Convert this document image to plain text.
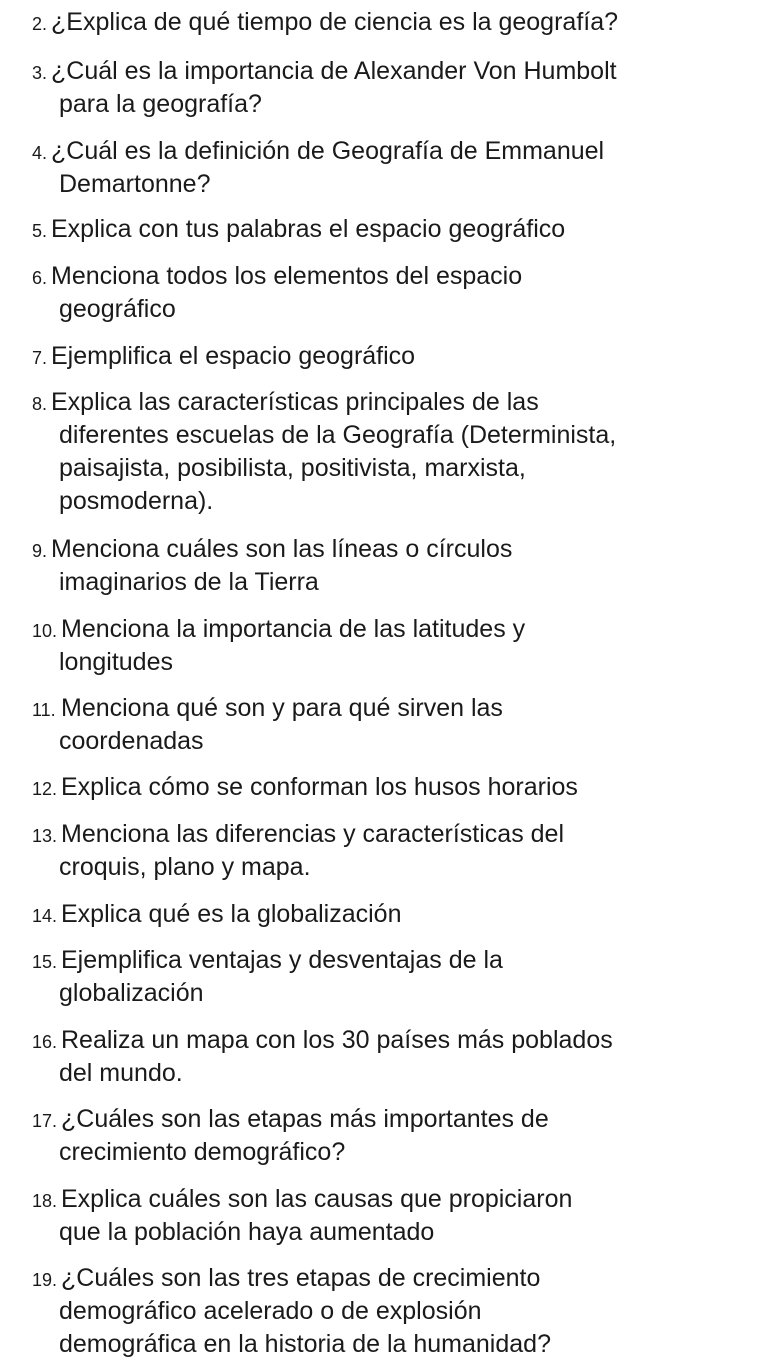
2. ¿Explica de qué tiempo de ciencia es la geografía?
3. ¿Cuál es la importancia de Alexander Von Humbolt
para la geografía?
4. ¿Cuál es la definición de Geografía de Emmanuel
Demartonne?
5. Explica con tus palabras el espacio geográfico
6. Menciona todos los elementos del espacio
geográfico
7. Ejemplifica el espacio geográfico
8. Explica las características principales de las
diferentes escuelas de la Geografía (Determinista,
paisajista, posibilista, positivista, marxista,
posmoderna).
9. Menciona cuáles son las líneas o círculos
imaginarios de la Tierra
10. Menciona la importancia de las latitudes y
longitudes
11. Menciona qué son y para qué sirven las
coordenadas
12. Explica cómo se conforman los husos horarios
13. Menciona las diferencias y características del
croquis, plano y mapa.
14. Explica qué es la globalización
15. Ejemplifica ventajas y desventajas de la
globalización
16. Realiza un mapa con los 30 países más poblados
del mundo.
17. ¿Cuáles son las etapas más importantes de
crecimiento demográfico?
18. Explica cuáles son las causas que propiciaron
que la población haya aumentado
19. ¿Cuáles son las tres etapas de crecimiento
demográfico acelerado o de explosión
demográfica en la historia de la humanidad?
